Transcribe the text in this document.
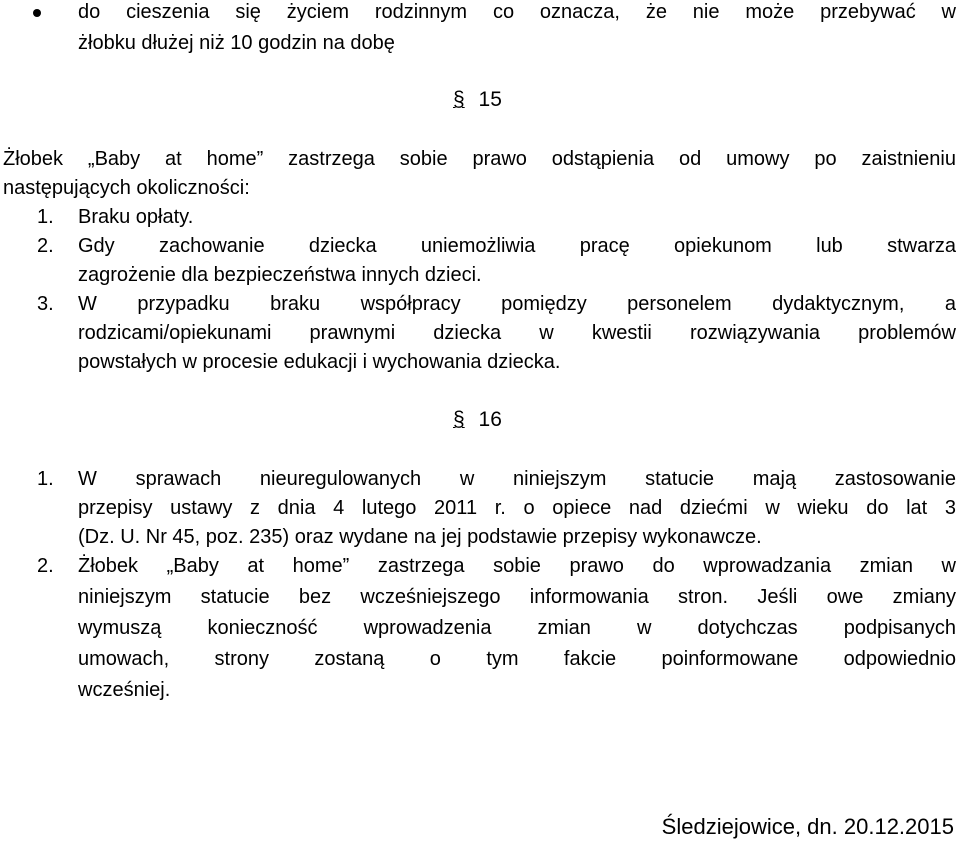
do cieszenia się życiem rodzinnym co oznacza, że nie może przebywać w
żłobku dłużej niż 10 godzin na dobę
§ 15
Żłobek „Baby at home” zastrzega sobie prawo odstąpienia od umowy po zaistnieniu
następujących okoliczności:
1. Braku opłaty.
2. Gdy zachowanie dziecka uniemożliwia pracę opiekunom lub stwarza
zagrożenie dla bezpieczeństwa innych dzieci.
3. W przypadku braku współpracy pomiędzy personelem dydaktycznym, a
rodzicami/opiekunami prawnymi dziecka w kwestii rozwiązywania problemów
powstałych w procesie edukacji i wychowania dziecka.
§ 16
1. W sprawach nieuregulowanych w niniejszym statucie mają zastosowanie
przepisy ustawy z dnia 4 lutego 2011 r. o opiece nad dziećmi w wieku do lat 3
(Dz. U. Nr 45, poz. 235) oraz wydane na jej podstawie przepisy wykonawcze.
2. Żłobek „Baby at home” zastrzega sobie prawo do wprowadzania zmian w
niniejszym statucie bez wcześniejszego informowania stron. Jeśli owe zmiany
wymuszą konieczność wprowadzenia zmian w dotychczas podpisanych
umowach, strony zostaną o tym fakcie poinformowane odpowiednio
wcześniej.
Śledziejowice, dn. 20.12.2015
